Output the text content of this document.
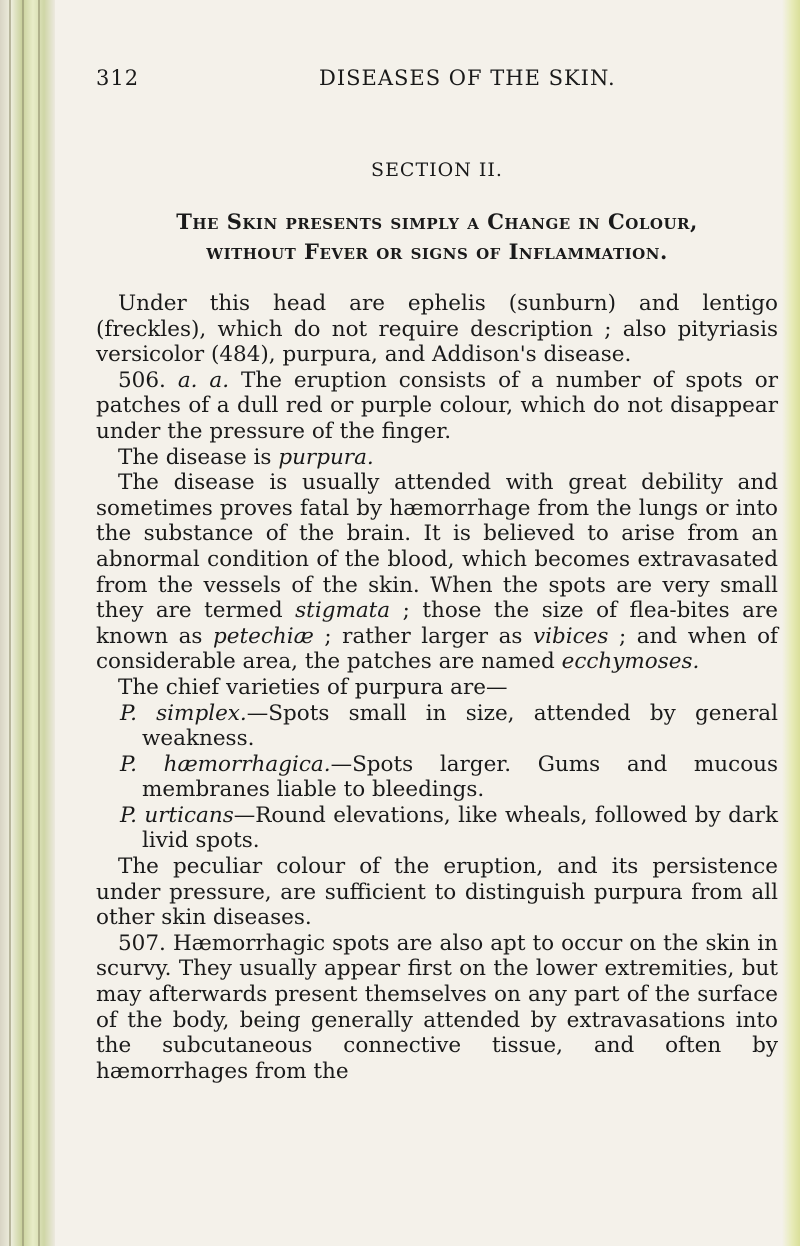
312	DISEASES OF THE SKIN.
SECTION II.
The Skin presents simply a Change in Colour,
without Fever or signs of Inflammation.

Under this head are ephelis (sunburn) and lentigo (freckles), which do not require description ; also pityriasis versicolor (484), purpura, and Addison's disease.

506. a. a. The eruption consists of a number of spots or patches of a dull red or purple colour, which do not disappear under the pressure of the finger.

The disease is purpura.

The disease is usually attended with great debility and sometimes proves fatal by hæmorrhage from the lungs or into the substance of the brain. It is believed to arise from an abnormal condition of the blood, which becomes extravasated from the vessels of the skin. When the spots are very small they are termed stigmata ; those the size of flea-bites are known as petechiæ ; rather larger as vibices ; and when of considerable area, the patches are named ecchymoses.

The chief varieties of purpura are—

P. simplex.—Spots small in size, attended by general weakness.

P. hæmorrhagica.—Spots larger. Gums and mucous membranes liable to bleedings.

P. urticans—Round elevations, like wheals, followed by dark livid spots.

The peculiar colour of the eruption, and its persistence under pressure, are sufficient to distinguish purpura from all other skin diseases.

507. Hæmorrhagic spots are also apt to occur on the skin in scurvy. They usually appear first on the lower extremities, but may afterwards present themselves on any part of the surface of the body, being generally attended by extravasations into the subcutaneous connective tissue, and often by hæmorrhages from the
